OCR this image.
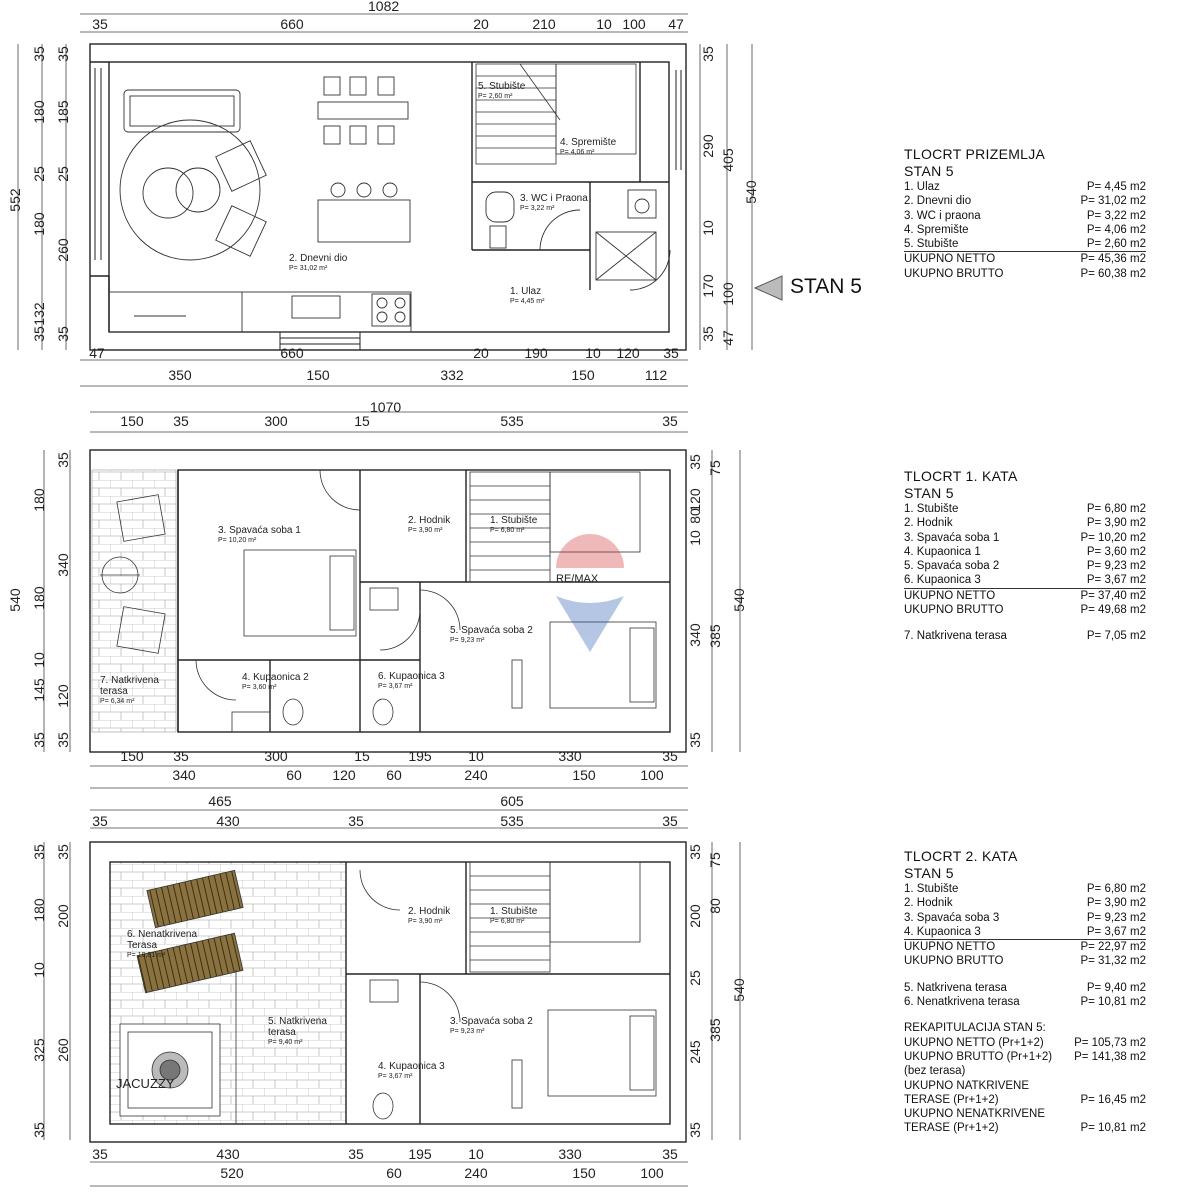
1082
35	660	20	210	10 100 47
47	660	20	190	10 120 35
350	150	332	150	112
35
180
25
180
132
35
35
185
25
260
35
552
35
290
10
170
35
405
100
47
540
5. Stubište
P= 2,60 m²
4. Spremište
P= 4,06 m²
3. WC i Praona
P= 3,22 m²
2. Dnevni dio
P= 31,02 m²
1. Ulaz
P= 4,45 m²
1070
150 35	300	15	535	35
150 35	300	15	195	10	330	35
340	60 120 60	240	150	100
180
180
10
145
35
35
340
120
35
540
35
120
80
10
340
35
75
385
540
3. Spavaća soba 1
P= 10,20 m²
2. Hodnik
P= 3,90 m²
1. Stubište
P= 6,80 m²
5. Spavaća soba 2
P= 9,23 m²
4. Kupaonica 2
P= 3,60 m²
6. Kupaonica 3
P= 3,67 m²
7. Natkrivena
terasa
P= 6,34 m²
RE/MAX
465	605
35	430	35	535	35
35	430	35	195	10	330	35
520	60	240	150	100
35
180
10
325
35
35
200
260
35
200
25
245
35
75
80
385
540
6. Nenatkrivena
Terasa
P= 10,81 m²
2. Hodnik
P= 3,90 m²
1. Stubište
P= 6,80 m²
5. Natkrivena
terasa
P= 9,40 m²
3. Spavaća soba 2
P= 9,23 m²
4. Kupaonica 3
P= 3,67 m²
JACUZZY
STAN 5
TLOCRT PRIZEMLJA
STAN 5
1. Ulaz	P= 4,45 m2
2. Dnevni dio	P= 31,02 m2
3. WC i praona	P= 3,22 m2
4. Spremište	P= 4,06 m2
5. Stubište	P= 2,60 m2
UKUPNO NETTO	P= 45,36 m2
UKUPNO BRUTTO	P= 60,38 m2
TLOCRT 1. KATA
STAN 5
1. Stubište	P= 6,80 m2
2. Hodnik	P= 3,90 m2
3. Spavaća soba 1	P= 10,20 m2
4. Kupaonica 1	P= 3,60 m2
5. Spavaća soba 2	P= 9,23 m2
6. Kupaonica 3	P= 3,67 m2
UKUPNO NETTO	P= 37,40 m2
UKUPNO BRUTTO	P= 49,68 m2
7. Natkrivena terasa	P= 7,05 m2
TLOCRT 2. KATA
STAN 5
1. Stubište	P= 6,80 m2
2. Hodnik	P= 3,90 m2
3. Spavaća soba 3	P= 9,23 m2
4. Kupaonica 3	P= 3,67 m2
UKUPNO NETTO	P= 22,97 m2
UKUPNO BRUTTO	P= 31,32 m2
5. Natkrivena terasa	P= 9,40 m2
6. Nenatkrivena terasa	P= 10,81 m2
REKAPITULACIJA STAN 5:
UKUPNO NETTO (Pr+1+2)	P= 105,73 m2
UKUPNO BRUTTO (Pr+1+2) P= 141,38 m2
(bez terasa)
UKUPNO NATKRIVENE
TERASE (Pr+1+2)	P= 16,45 m2
UKUPNO NENATKRIVENE
TERASE (Pr+1+2)	P= 10,81 m2
